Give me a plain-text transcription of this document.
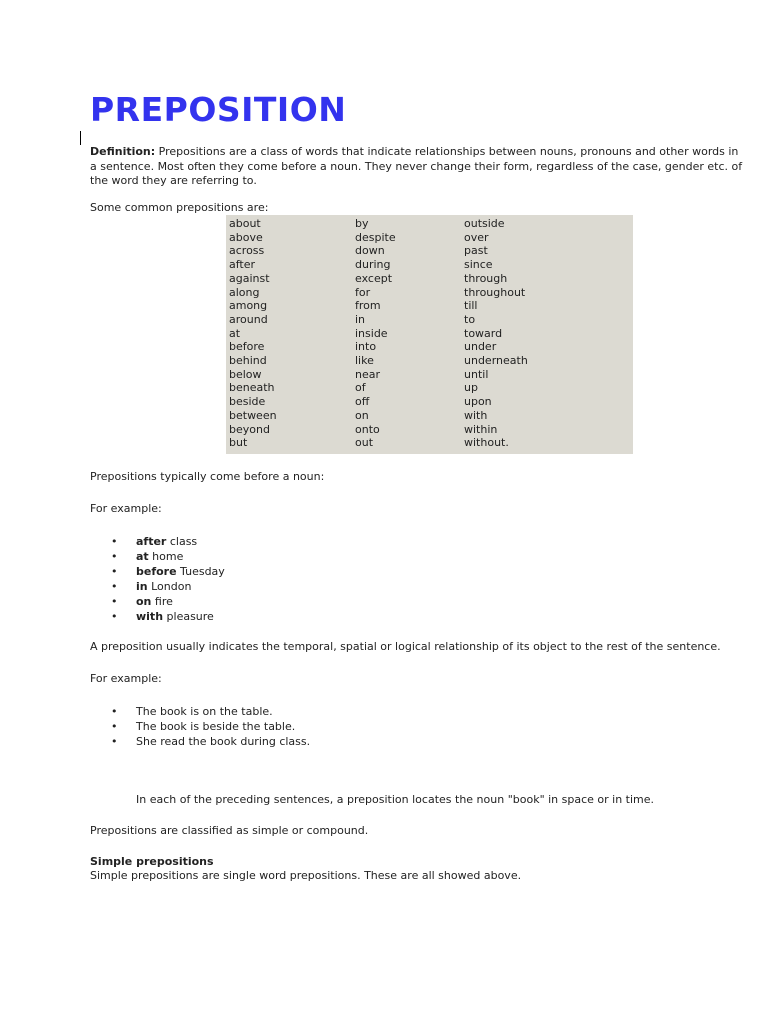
PREPOSITION

Definition: Prepositions are a class of words that indicate relationships between nouns, pronouns and other words in
a sentence. Most often they come before a noun. They never change their form, regardless of the case, gender etc. of
the word they are referring to.

Some common prepositions are:

about
above
across
after
against
along
among
around
at
before
behind
below
beneath
beside
between
beyond
but
by
despite
down
during
except
for
from
in
inside
into
like
near
of
off
on
onto
out
outside
over
past
since
through
throughout
till
to
toward
under
underneath
until
up
upon
with
within
without.

Prepositions typically come before a noun:

For example:

• after class
• at home
• before Tuesday
• in London
• on fire
• with pleasure

A preposition usually indicates the temporal, spatial or logical relationship of its object to the rest of the sentence.

For example:

• The book is on the table.
• The book is beside the table.
• She read the book during class.

In each of the preceding sentences, a preposition locates the noun "book" in space or in time.

Prepositions are classified as simple or compound.

Simple prepositions

Simple prepositions are single word prepositions. These are all showed above.
